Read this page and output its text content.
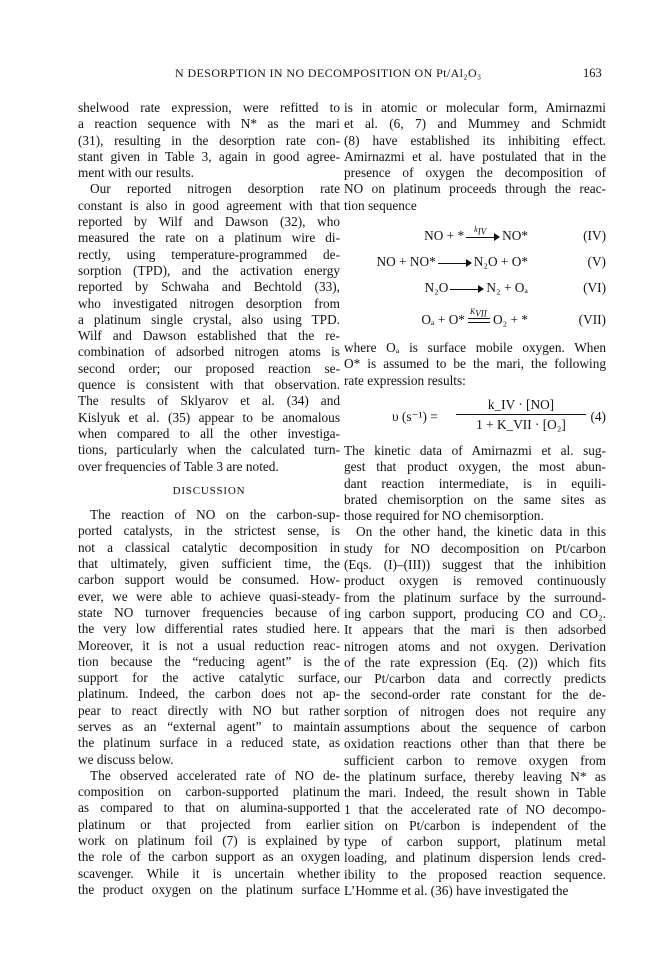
N DESORPTION IN NO DECOMPOSITION ON Pt/Al₂O₃	163
shelwood rate expression, were refitted to
a reaction sequence with N* as the mari
(31), resulting in the desorption rate con-
stant given in Table 3, again in good agree-
ment with our results.
Our reported nitrogen desorption rate
constant is also in good agreement with that
reported by Wilf and Dawson (32), who
measured the rate on a platinum wire di-
rectly, using temperature-programmed de-
sorption (TPD), and the activation energy
reported by Schwaha and Bechtold (33),
who investigated nitrogen desorption from
a platinum single crystal, also using TPD.
Wilf and Dawson established that the re-
combination of adsorbed nitrogen atoms is
second order; our proposed reaction se-
quence is consistent with that observation.
The results of Sklyarov et al. (34) and
Kislyuk et al. (35) appear to be anomalous
when compared to all the other investiga-
tions, particularly when the calculated turn-
over frequencies of Table 3 are noted.
DISCUSSION
The reaction of NO on the carbon-sup-
ported catalysts, in the strictest sense, is
not a classical catalytic decomposition in
that ultimately, given sufficient time, the
carbon support would be consumed. How-
ever, we were able to achieve quasi-steady-
state NO turnover frequencies because of
the very low differential rates studied here.
Moreover, it is not a usual reduction reac-
tion because the “reducing agent” is the
support for the active catalytic surface,
platinum. Indeed, the carbon does not ap-
pear to react directly with NO but rather
serves as an “external agent” to maintain
the platinum surface in a reduced state, as
we discuss below.
The observed accelerated rate of NO de-
composition on carbon-supported platinum
as compared to that on alumina-supported
platinum or that projected from earlier
work on platinum foil (7) is explained by
the role of the carbon support as an oxygen
scavenger. While it is uncertain whether
the product oxygen on the platinum surface
is in atomic or molecular form, Amirnazmi
et al. (6, 7) and Mummey and Schmidt
(8) have established its inhibiting effect.
Amirnazmi et al. have postulated that in the
presence of oxygen the decomposition of
NO on platinum proceeds through the reac-
tion sequence
NO + * $k_{IV}$ NO*	(IV)
NO + NO*	N₂O + O*	(V)
N₂O	N₂ + Oₐ	(VI)
Oₐ + O*
$K_{VII}$ O₂ + *	(VII)
where Oₐ is surface mobile oxygen. When
O* is assumed to be the mari, the following
rate expression results:
υ (s⁻¹) =
k_IV · [NO]
1 + K_VII · [O₂]
(4)
The kinetic data of Amirnazmi et al. sug-
gest that product oxygen, the most abun-
dant reaction intermediate, is in equili-
brated chemisorption on the same sites as
those required for NO chemisorption.
On the other hand, the kinetic data in this
study for NO decomposition on Pt/carbon
(Eqs. (I)–(III)) suggest that the inhibition
product oxygen is removed continuously
from the platinum surface by the surround-
ing carbon support, producing CO and CO₂.
It appears that the mari is then adsorbed
nitrogen atoms and not oxygen. Derivation
of the rate expression (Eq. (2)) which fits
our Pt/carbon data and correctly predicts
the second-order rate constant for the de-
sorption of nitrogen does not require any
assumptions about the sequence of carbon
oxidation reactions other than that there be
sufficient carbon to remove oxygen from
the platinum surface, thereby leaving N* as
the mari. Indeed, the result shown in Table
1 that the accelerated rate of NO decompo-
sition on Pt/carbon is independent of the
type of carbon support, platinum metal
loading, and platinum dispersion lends cred-
ibility to the proposed reaction sequence.
L’Homme et al. (36) have investigated the
